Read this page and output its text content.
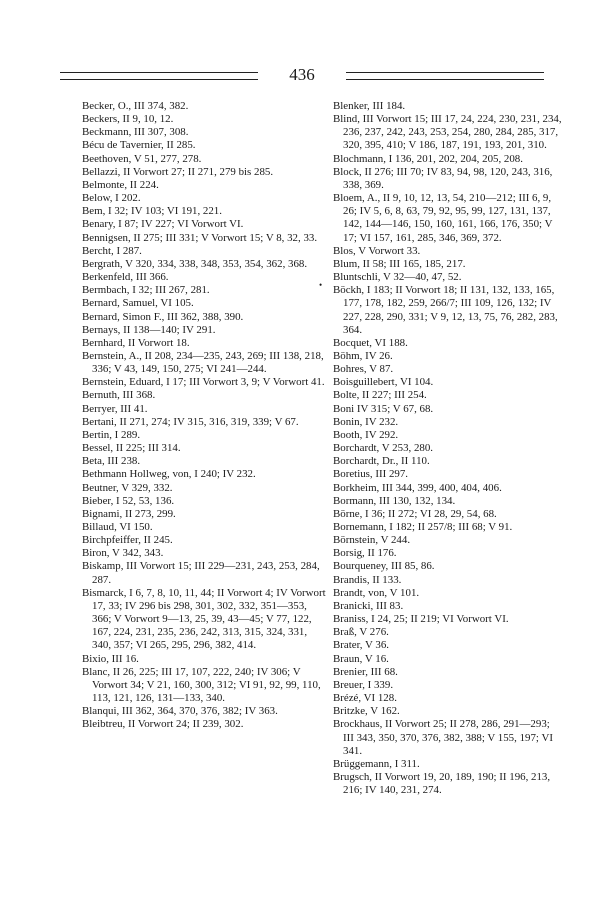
436

Becker, O., III 374, 382.

Beckers, II 9, 10, 12.

Beckmann, III 307, 308.

Bécu de Tavernier, II 285.

Beethoven, V 51, 277, 278.

Bellazzi, II Vorwort 27; II 271, 279 bis 285.

Belmonte, II 224.

Below, I 202.

Bem, I 32; IV 103; VI 191, 221.

Benary, I 87; IV 227; VI Vorwort VI.

Bennigsen, II 275; III 331; V Vorwort 15; V 8, 32, 33.

Bercht, I 287.

Bergrath, V 320, 334, 338, 348, 353, 354, 362, 368.

Berkenfeld, III 366.

Bermbach, I 32; III 267, 281.

Bernard, Samuel, VI 105.

Bernard, Simon F., III 362, 388, 390.

Bernays, II 138—140; IV 291.

Bernhard, II Vorwort 18.

Bernstein, A., II 208, 234—235, 243, 269; III 138, 218, 336; V 43, 149, 150, 275; VI 241—244.

Bernstein, Eduard, I 17; III Vorwort 3, 9; V Vorwort 41.

Bernuth, III 368.

Berryer, III 41.

Bertani, II 271, 274; IV 315, 316, 319, 339; V 67.

Bertin, I 289.

Bessel, II 225; III 314.

Beta, III 238.

Bethmann Hollweg, von, I 240; IV 232.

Beutner, V 329, 332.

Bieber, I 52, 53, 136.

Bignami, II 273, 299.

Billaud, VI 150.

Birchpfeiffer, II 245.

Biron, V 342, 343.

Biskamp, III Vorwort 15; III 229—231, 243, 253, 284, 287.

Bismarck, I 6, 7, 8, 10, 11, 44; II Vorwort 4; IV Vorwort 17, 33; IV 296 bis 298, 301, 302, 332, 351—353, 366; V Vorwort 9—13, 25, 39, 43—45; V 77, 122, 167, 224, 231, 235, 236, 242, 313, 315, 324, 331, 340, 357; VI 265, 295, 296, 382, 414.

Bixio, III 16.

Blanc, II 26, 225; III 17, 107, 222, 240; IV 306; V Vorwort 34; V 21, 160, 300, 312; VI 91, 92, 99, 110, 113, 121, 126, 131—133, 340.

Blanqui, III 362, 364, 370, 376, 382; IV 363.

Bleibtreu, II Vorwort 24; II 239, 302.

•

Blenker, III 184.

Blind, III Vorwort 15; III 17, 24, 224, 230, 231, 234, 236, 237, 242, 243, 253, 254, 280, 284, 285, 317, 320, 395, 410; V 186, 187, 191, 193, 201, 310.

Blochmann, I 136, 201, 202, 204, 205, 208.

Block, II 276; III 70; IV 83, 94, 98, 120, 243, 316, 338, 369.

Bloem, A., II 9, 10, 12, 13, 54, 210—212; III 6, 9, 26; IV 5, 6, 8, 63, 79, 92, 95, 99, 127, 131, 137, 142, 144—146, 150, 160, 161, 166, 176, 350; V 17; VI 157, 161, 285, 346, 369, 372.

Blos, V Vorwort 33.

Blum, II 58; III 165, 185, 217.

Bluntschli, V 32—40, 47, 52.

Böckh, I 183; II Vorwort 18; II 131, 132, 133, 165, 177, 178, 182, 259, 266/7; III 109, 126, 132; IV 227, 228, 290, 331; V 9, 12, 13, 75, 76, 282, 283, 364.

Bocquet, VI 188.

Böhm, IV 26.

Bohres, V 87.

Boisguillebert, VI 104.

Bolte, II 227; III 254.

Boni IV 315; V 67, 68.

Bonin, IV 232.

Booth, IV 292.

Borchardt, V 253, 280.

Borchardt, Dr., II 110.

Boretius, III 297.

Borkheim, III 344, 399, 400, 404, 406.

Bormann, III 130, 132, 134.

Börne, I 36; II 272; VI 28, 29, 54, 68.

Bornemann, I 182; II 257/8; III 68; V 91.

Börnstein, V 244.

Borsig, II 176.

Bourqueney, III 85, 86.

Brandis, II 133.

Brandt, von, V 101.

Branicki, III 83.

Braniss, I 24, 25; II 219; VI Vorwort VI.

Braß, V 276.

Brater, V 36.

Braun, V 16.

Brenier, III 68.

Breuer, I 339.

Brézé, VI 128.

Britzke, V 162.

Brockhaus, II Vorwort 25; II 278, 286, 291—293; III 343, 350, 370, 376, 382, 388; V 155, 197; VI 341.

Brüggemann, I 311.

Brugsch, II Vorwort 19, 20, 189, 190; II 196, 213, 216; IV 140, 231, 274.
